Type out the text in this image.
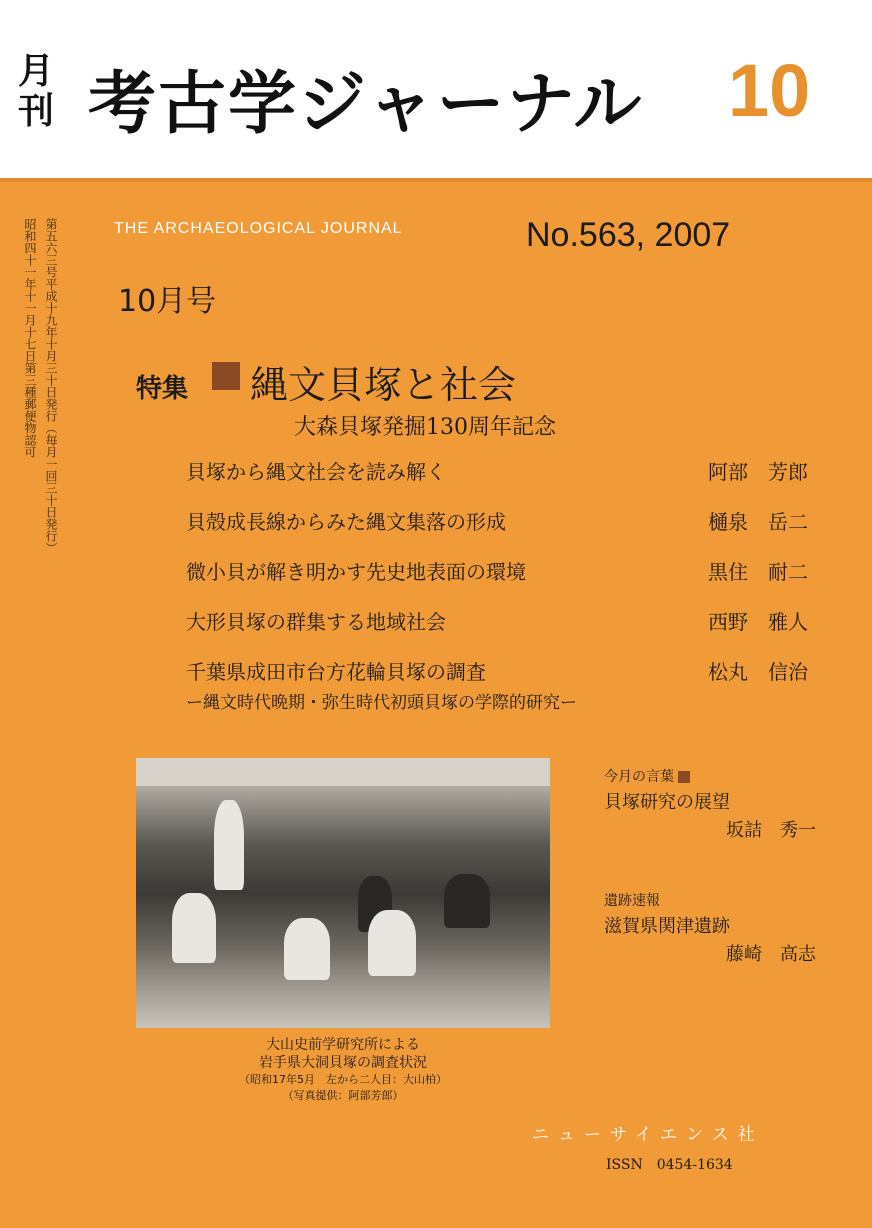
月
刊 考古学ジャーナル 10
第五六三号平成十九年十月三十日発行（毎月一回三十日発行）
昭和四十一年十一月十七日第三種郵便物認可	THE ARCHAEOLOGICAL JOURNAL	No.563, 2007
10月号
特集 縄文貝塚と社会
大森貝塚発掘130周年記念
貝塚から縄文社会を読み解く	阿部　芳郎
貝殻成長線からみた縄文集落の形成	樋泉　岳二
微小貝が解き明かす先史地表面の環境	黒住　耐二
大形貝塚の群集する地域社会	西野　雅人
千葉県成田市台方花輪貝塚の調査	松丸　信治
ー縄文時代晩期・弥生時代初頭貝塚の学際的研究ー
大山史前学研究所による
岩手県大洞貝塚の調査状況
（昭和17年5月　左から二人目：大山柏）
（写真提供：阿部芳郎）
今月の言葉
貝塚研究の展望
坂詰　秀一
遺跡速報
滋賀県関津遺跡
藤崎　高志
ニューサイエンス社
ISSN　0454-1634
